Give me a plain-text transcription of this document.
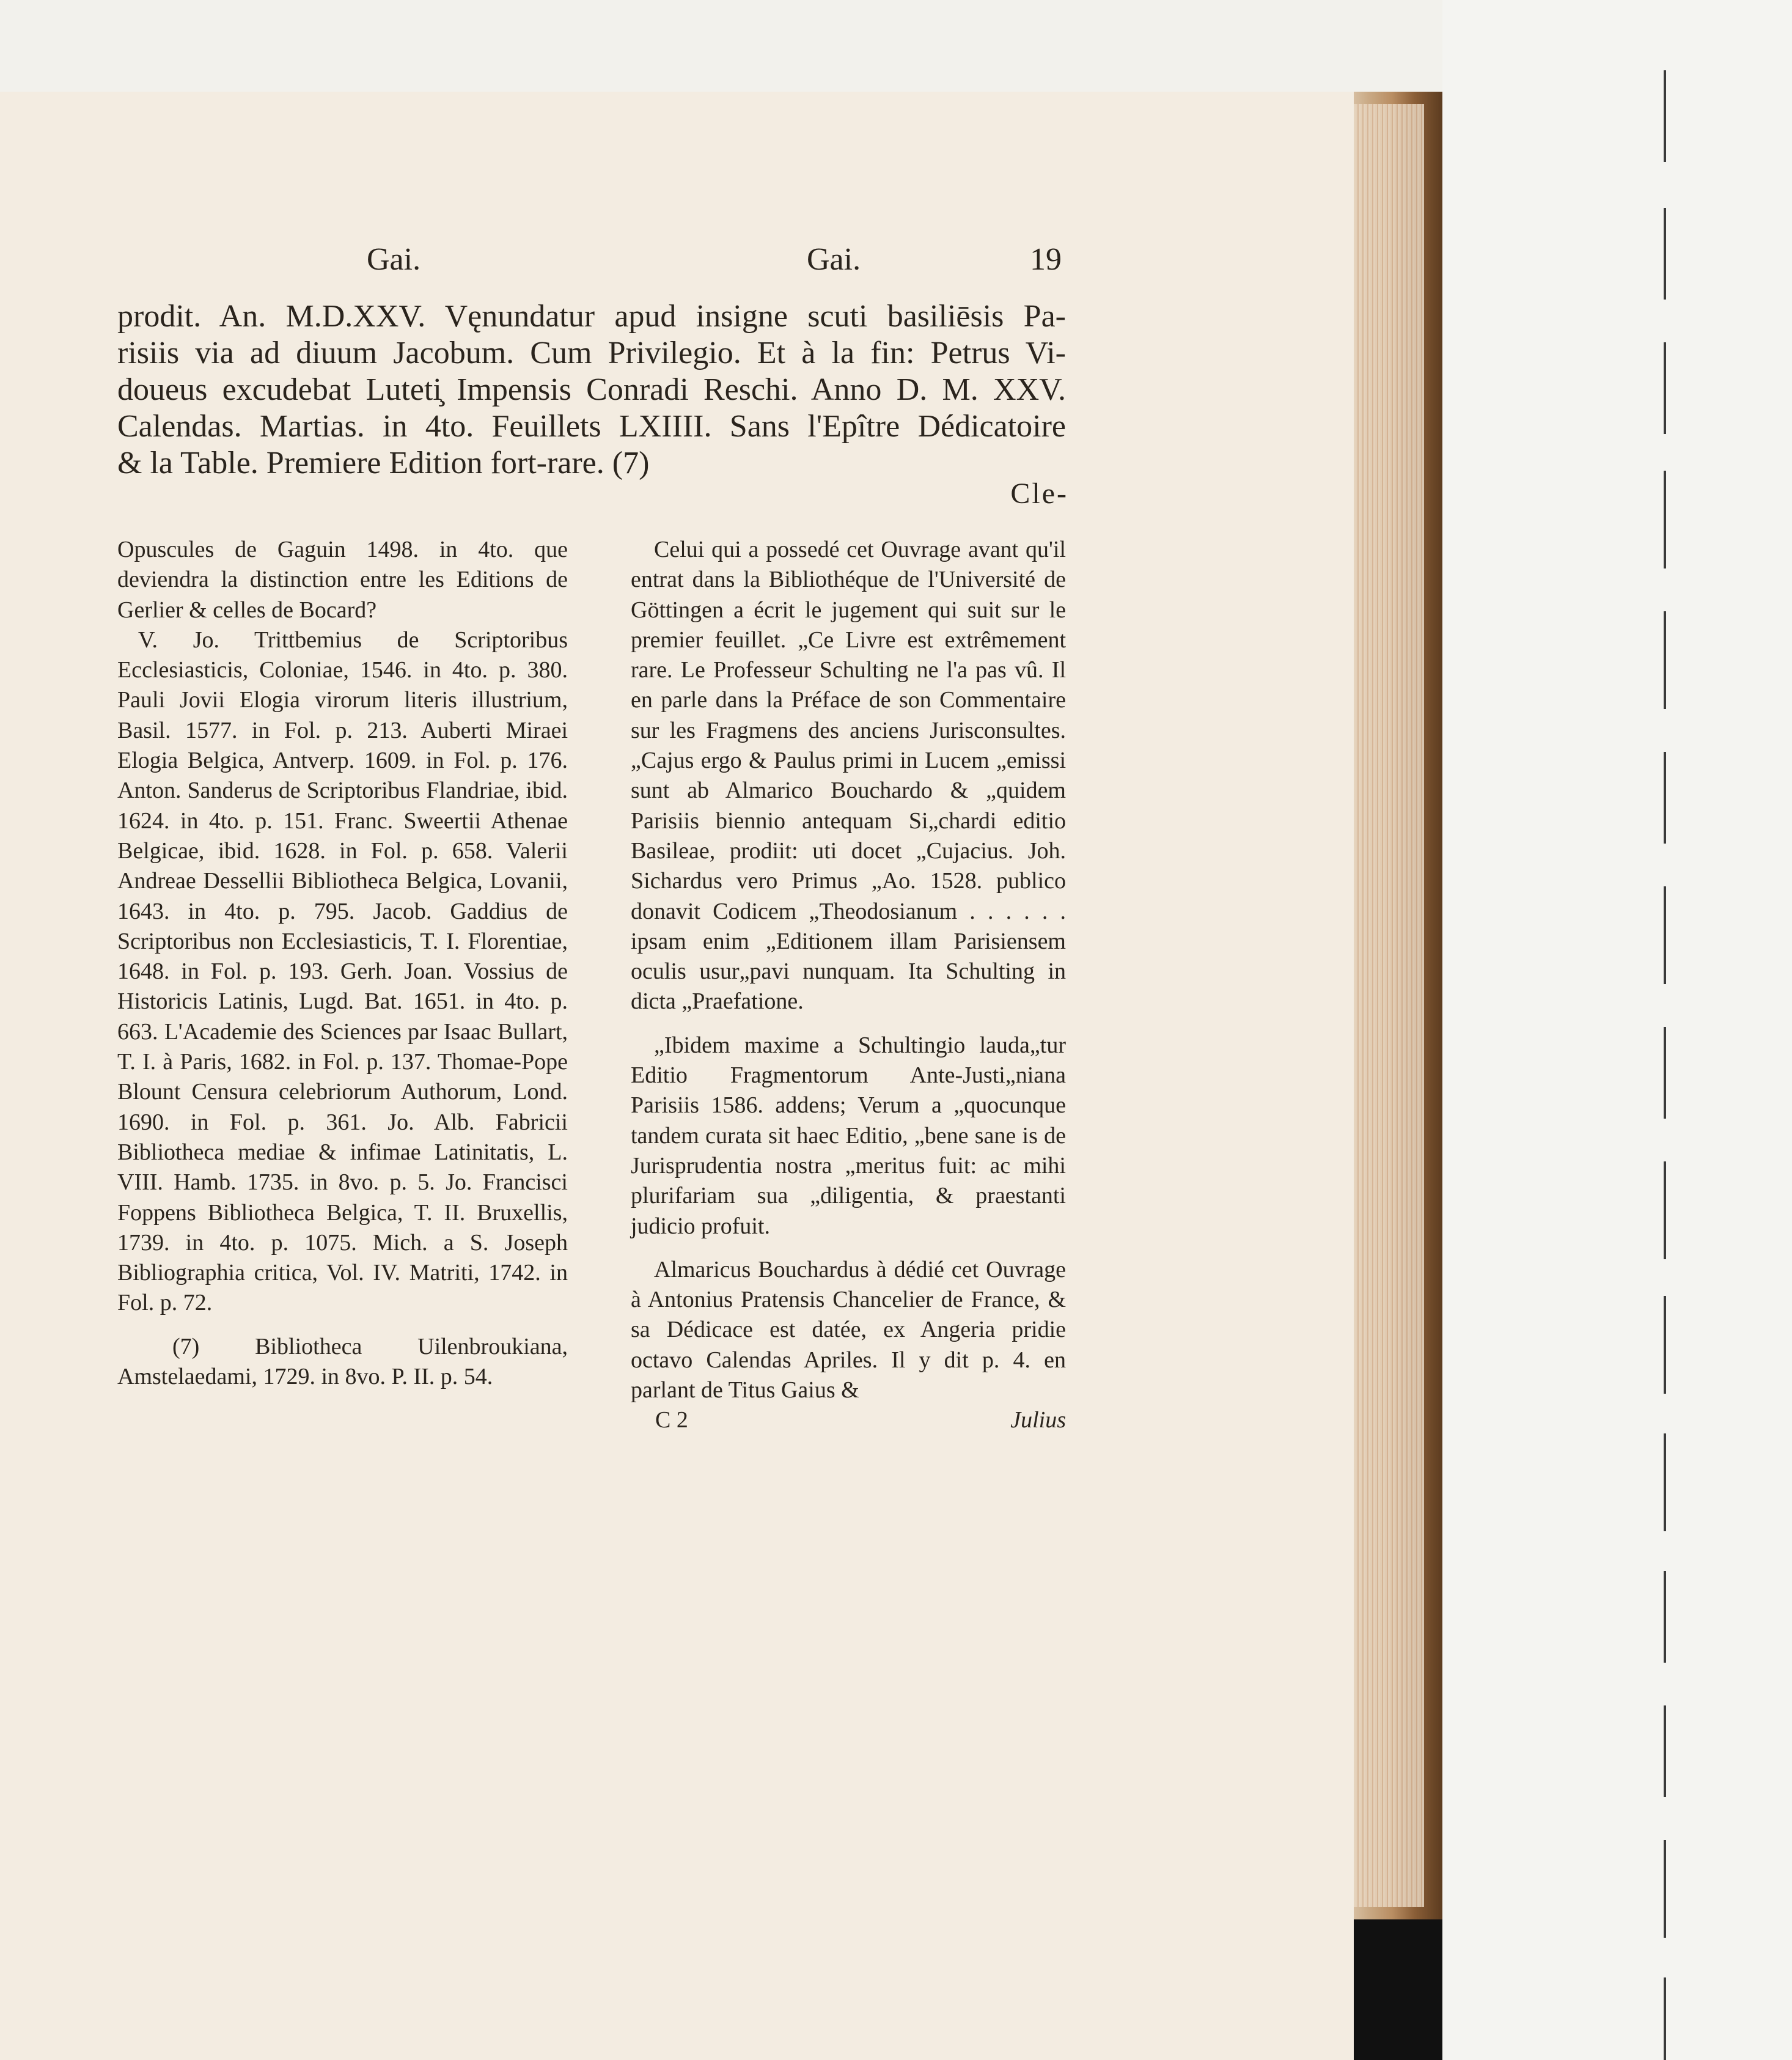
Gai.	Gai.	19

prodit. An. M.D.XXV. Vęnundatur apud insigne scuti basiliēsis Pa-

risiis via ad diuum Jacobum. Cum Privilegio. Et à la fin: Petrus Vi-

doueus excudebat Luteti̧ Impensis Conradi Reschi. Anno D. M. XXV.

Calendas. Martias. in 4to. Feuillets LXIIII. Sans l'Epître Dédicatoire

& la Table. Premiere Edition fort-rare. (7)

Cle-

Opuscules de Gaguin 1498. in 4to. que deviendra la distinction entre les Editions de Gerlier & celles de Bocard?

V. Jo. Trittbemius de Scriptoribus Ecclesiasticis, Coloniae, 1546. in 4to. p. 380. Pauli Jovii Elogia virorum literis illustrium, Basil. 1577. in Fol. p. 213. Auberti Miraei Elogia Belgica, Antverp. 1609. in Fol. p. 176. Anton. Sanderus de Scriptoribus Flandriae, ibid. 1624. in 4to. p. 151. Franc. Sweertii Athenae Belgicae, ibid. 1628. in Fol. p. 658. Valerii Andreae Dessellii Bibliotheca Belgica, Lovanii, 1643. in 4to. p. 795. Jacob. Gaddius de Scriptoribus non Ecclesiasticis, T. I. Florentiae, 1648. in Fol. p. 193. Gerh. Joan. Vossius de Historicis Latinis, Lugd. Bat. 1651. in 4to. p. 663. L'Academie des Sciences par Isaac Bullart, T. I. à Paris, 1682. in Fol. p. 137. Thomae-Pope Blount Censura celebriorum Authorum, Lond. 1690. in Fol. p. 361. Jo. Alb. Fabricii Bibliotheca mediae & infimae Latinitatis, L. VIII. Hamb. 1735. in 8vo. p. 5. Jo. Francisci Foppens Bibliotheca Belgica, T. II. Bruxellis, 1739. in 4to. p. 1075. Mich. a S. Joseph Bibliographia critica, Vol. IV. Matriti, 1742. in Fol. p. 72.

(7) Bibliotheca Uilenbroukiana, Amstelaedami, 1729. in 8vo. P. II. p. 54.

Celui qui a possedé cet Ouvrage avant qu'il entrat dans la Bibliothéque de l'Université de Göttingen a écrit le jugement qui suit sur le premier feuillet. „Ce Livre est extrêmement rare. Le Professeur Schulting ne l'a pas vû. Il en parle dans la Préface de son Commentaire sur les Fragmens des anciens Jurisconsultes. „Cajus ergo & Paulus primi in Lucem „emissi sunt ab Almarico Bouchardo & „quidem Parisiis biennio antequam Si„chardi editio Basileae, prodiit: uti docet „Cujacius. Joh. Sichardus vero Primus „Ao. 1528. publico donavit Codicem „Theodosianum . . . . . . ipsam enim „Editionem illam Parisiensem oculis usur„pavi nunquam. Ita Schulting in dicta „Praefatione.

„Ibidem maxime a Schultingio lauda„tur Editio Fragmentorum Ante-Justi„niana Parisiis 1586. addens; Verum a „quocunque tandem curata sit haec Editio, „bene sane is de Jurisprudentia nostra „meritus fuit: ac mihi plurifariam sua „diligentia, & praestanti judicio profuit.

Almaricus Bouchardus à dédié cet Ouvrage à Antonius Pratensis Chancelier de France, & sa Dédicace est datée, ex Angeria pridie octavo Calendas Apriles. Il y dit p. 4. en parlant de Titus Gaius &

C 2	Julius
